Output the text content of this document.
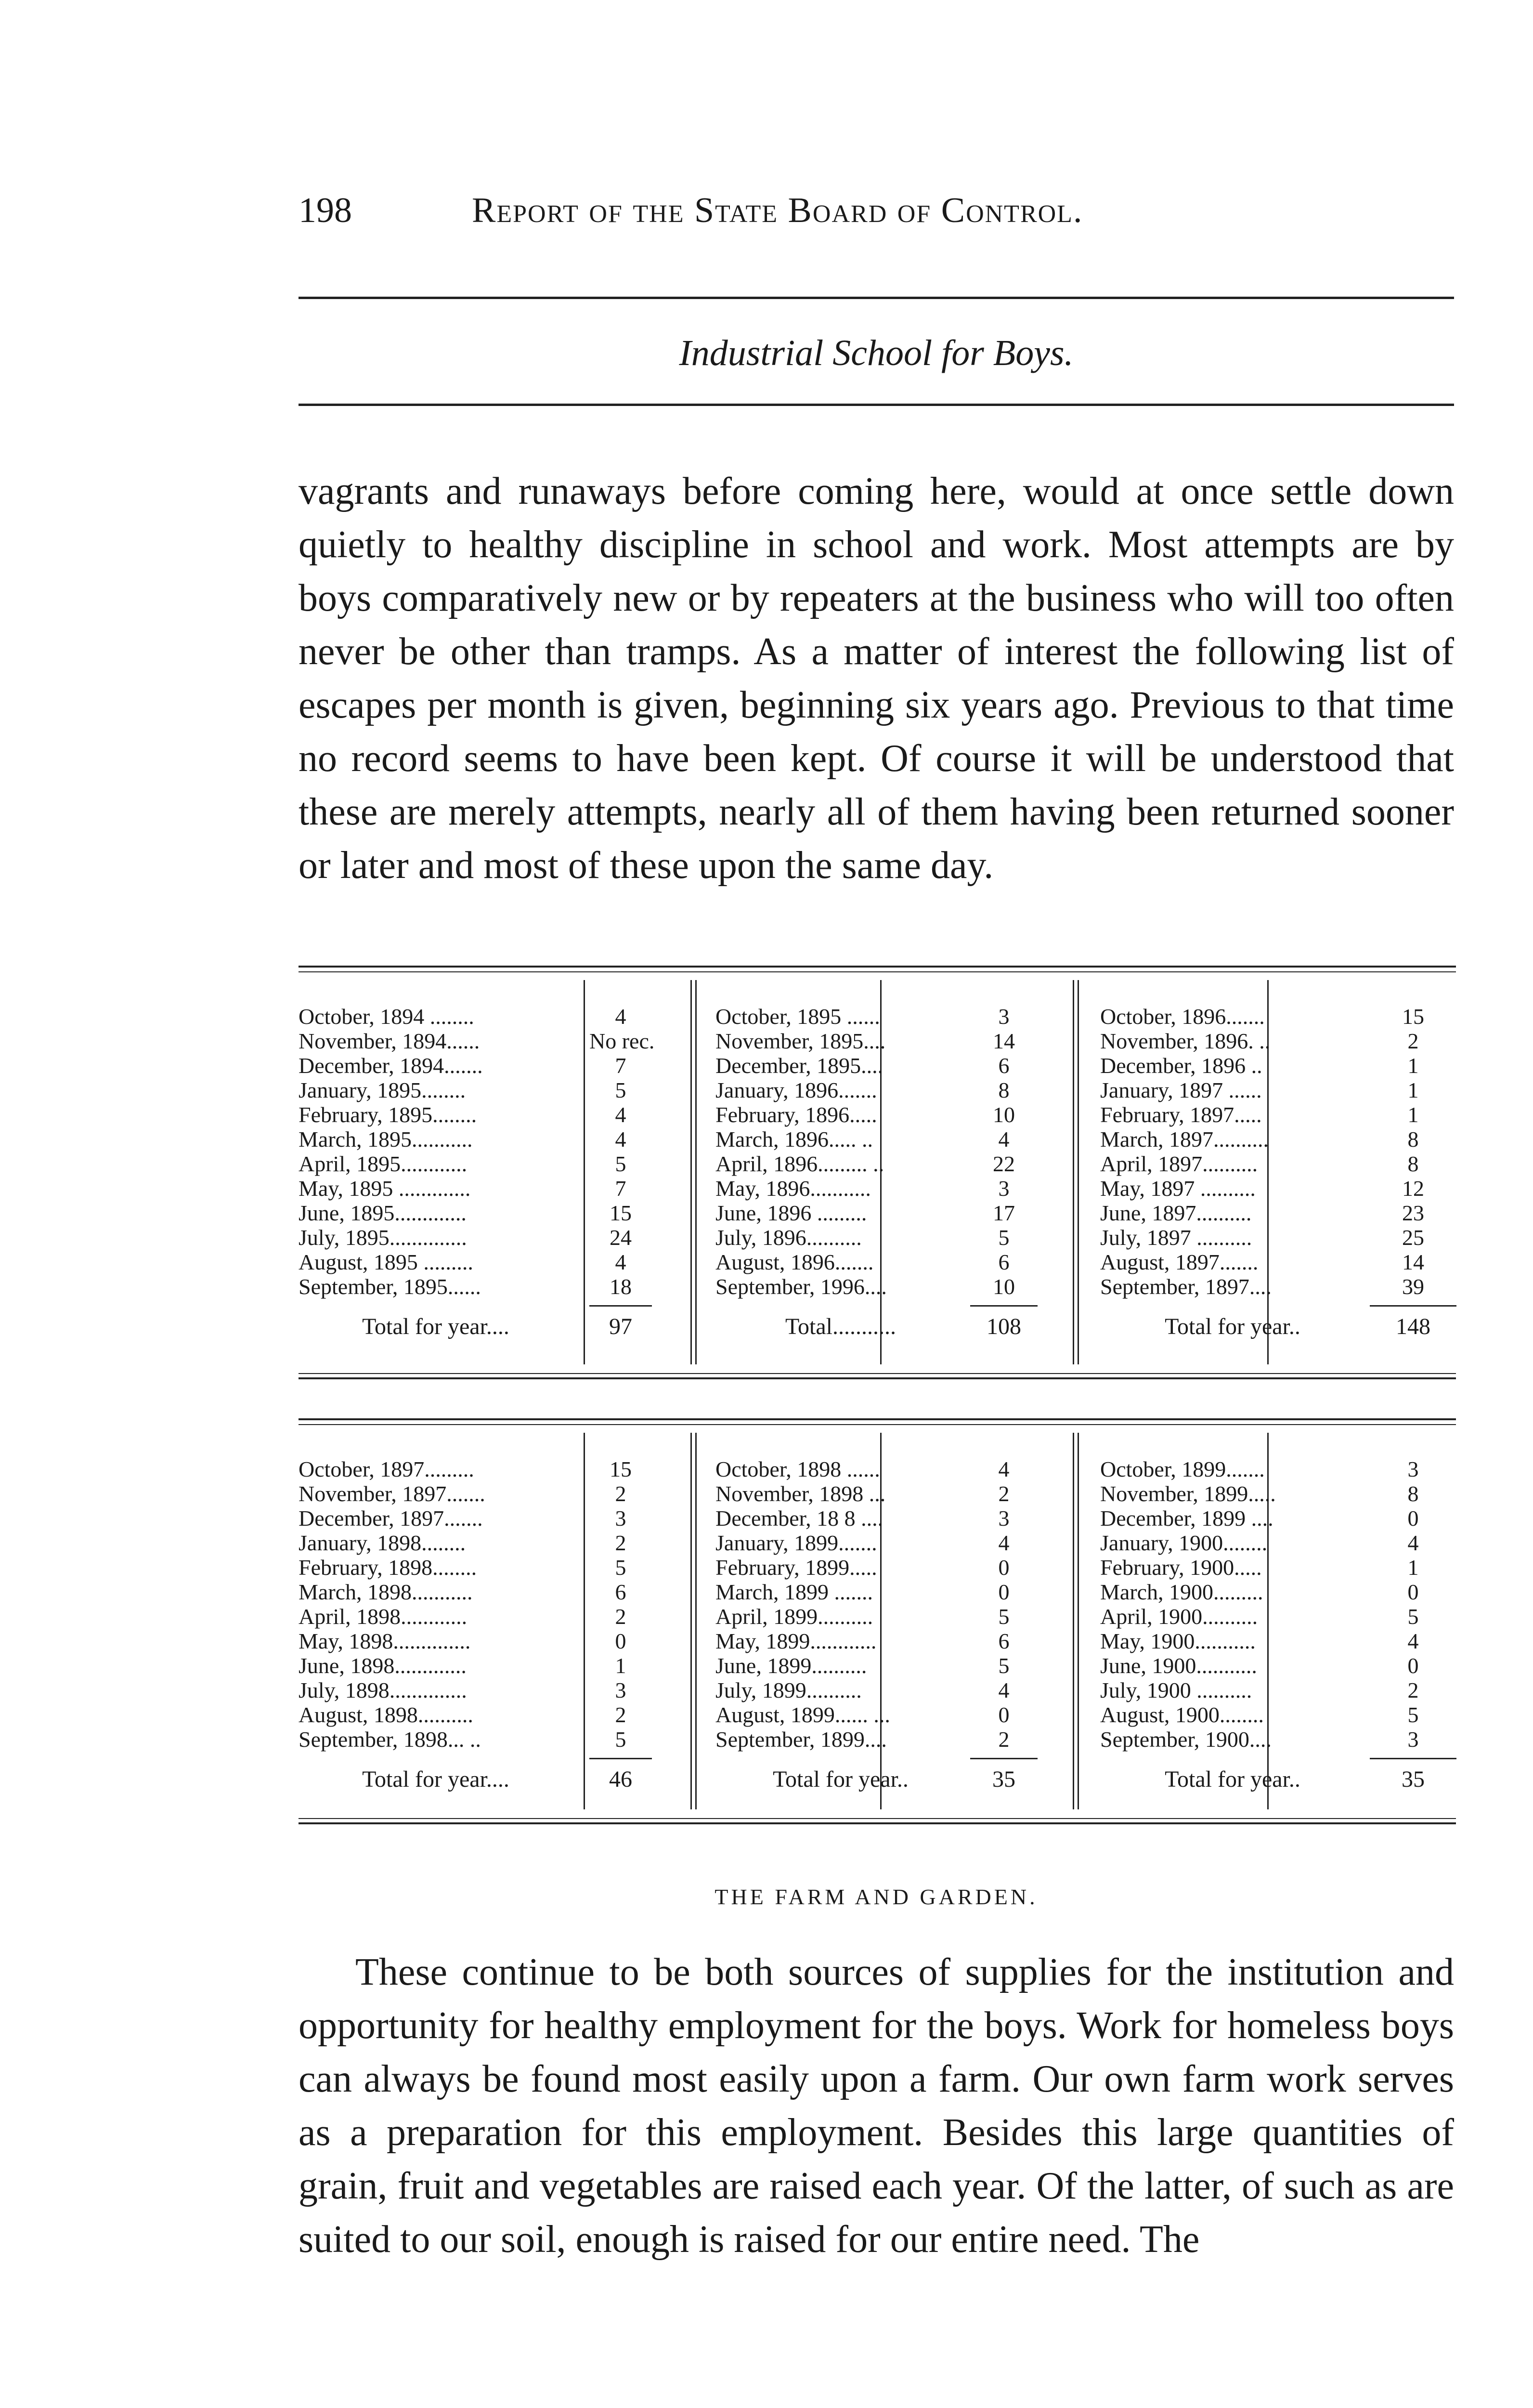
198	Report of the State Board of Control.
Industrial School for Boys.

vagrants and runaways before coming here, would at once settle down quietly to healthy discipline in school and work. Most attempts are by boys comparatively new or by repeaters at the business who will too often never be other than tramps. As a matter of interest the following list of escapes per month is given, beginning six years ago. Previous to that time no record seems to have been kept. Of course it will be understood that these are merely attempts, nearly all of them having been returned sooner or later and most of these upon the same day.

October, 1894 ........	4	October, 1895 ......	3	October, 1896.......	15
November, 1894......	No rec.	November, 1895....	14	November, 1896. ..	2
December, 1894.......	7	December, 1895....	6	December, 1896 ..	1
January, 1895........	5	January, 1896.......	8	January, 1897 ......	1
February, 1895........	4	February, 1896.....	10	February, 1897.....	1
March, 1895...........	4	March, 1896..... ..	4	March, 1897..........	8
April, 1895............	5	April, 1896......... ..	22	April, 1897..........	8
May, 1895 .............	7	May, 1896...........	3	May, 1897 ..........	12
June, 1895.............	15	June, 1896 .........	17	June, 1897..........	23
July, 1895..............	24	July, 1896..........	5	July, 1897 ..........	25
August, 1895 .........	4	August, 1896.......	6	August, 1897.......	14
September, 1895......	18	September, 1996....	10	September, 1897....	39
Total for year....	97	Total...........	108	Total for year..	148
October, 1897.........	15	October, 1898 ......	4	October, 1899.......	3
November, 1897.......	2	November, 1898 ...	2	November, 1899.....	8
December, 1897.......	3	December, 18 8 ....	3	December, 1899 ....	0
January, 1898........	2	January, 1899.......	4	January, 1900........	4
February, 1898........	5	February, 1899.....	0	February, 1900.....	1
March, 1898...........	6	March, 1899 .......	0	March, 1900.........	0
April, 1898............	2	April, 1899..........	5	April, 1900..........	5
May, 1898..............	0	May, 1899............	6	May, 1900...........	4
June, 1898.............	1	June, 1899..........	5	June, 1900...........	0
July, 1898..............	3	July, 1899..........	4	July, 1900 ..........	2
August, 1898..........	2	August, 1899...... ...	0	August, 1900........	5
September, 1898... ..	5	September, 1899....	2	September, 1900....	3
Total for year....	46	Total for year..	35	Total for year..	35
THE FARM AND GARDEN.

These continue to be both sources of supplies for the institution and opportunity for healthy employment for the boys. Work for homeless boys can always be found most easily upon a farm. Our own farm work serves as a preparation for this employment. Besides this large quantities of grain, fruit and vegetables are raised each year. Of the latter, of such as are suited to our soil, enough is raised for our entire need. The
